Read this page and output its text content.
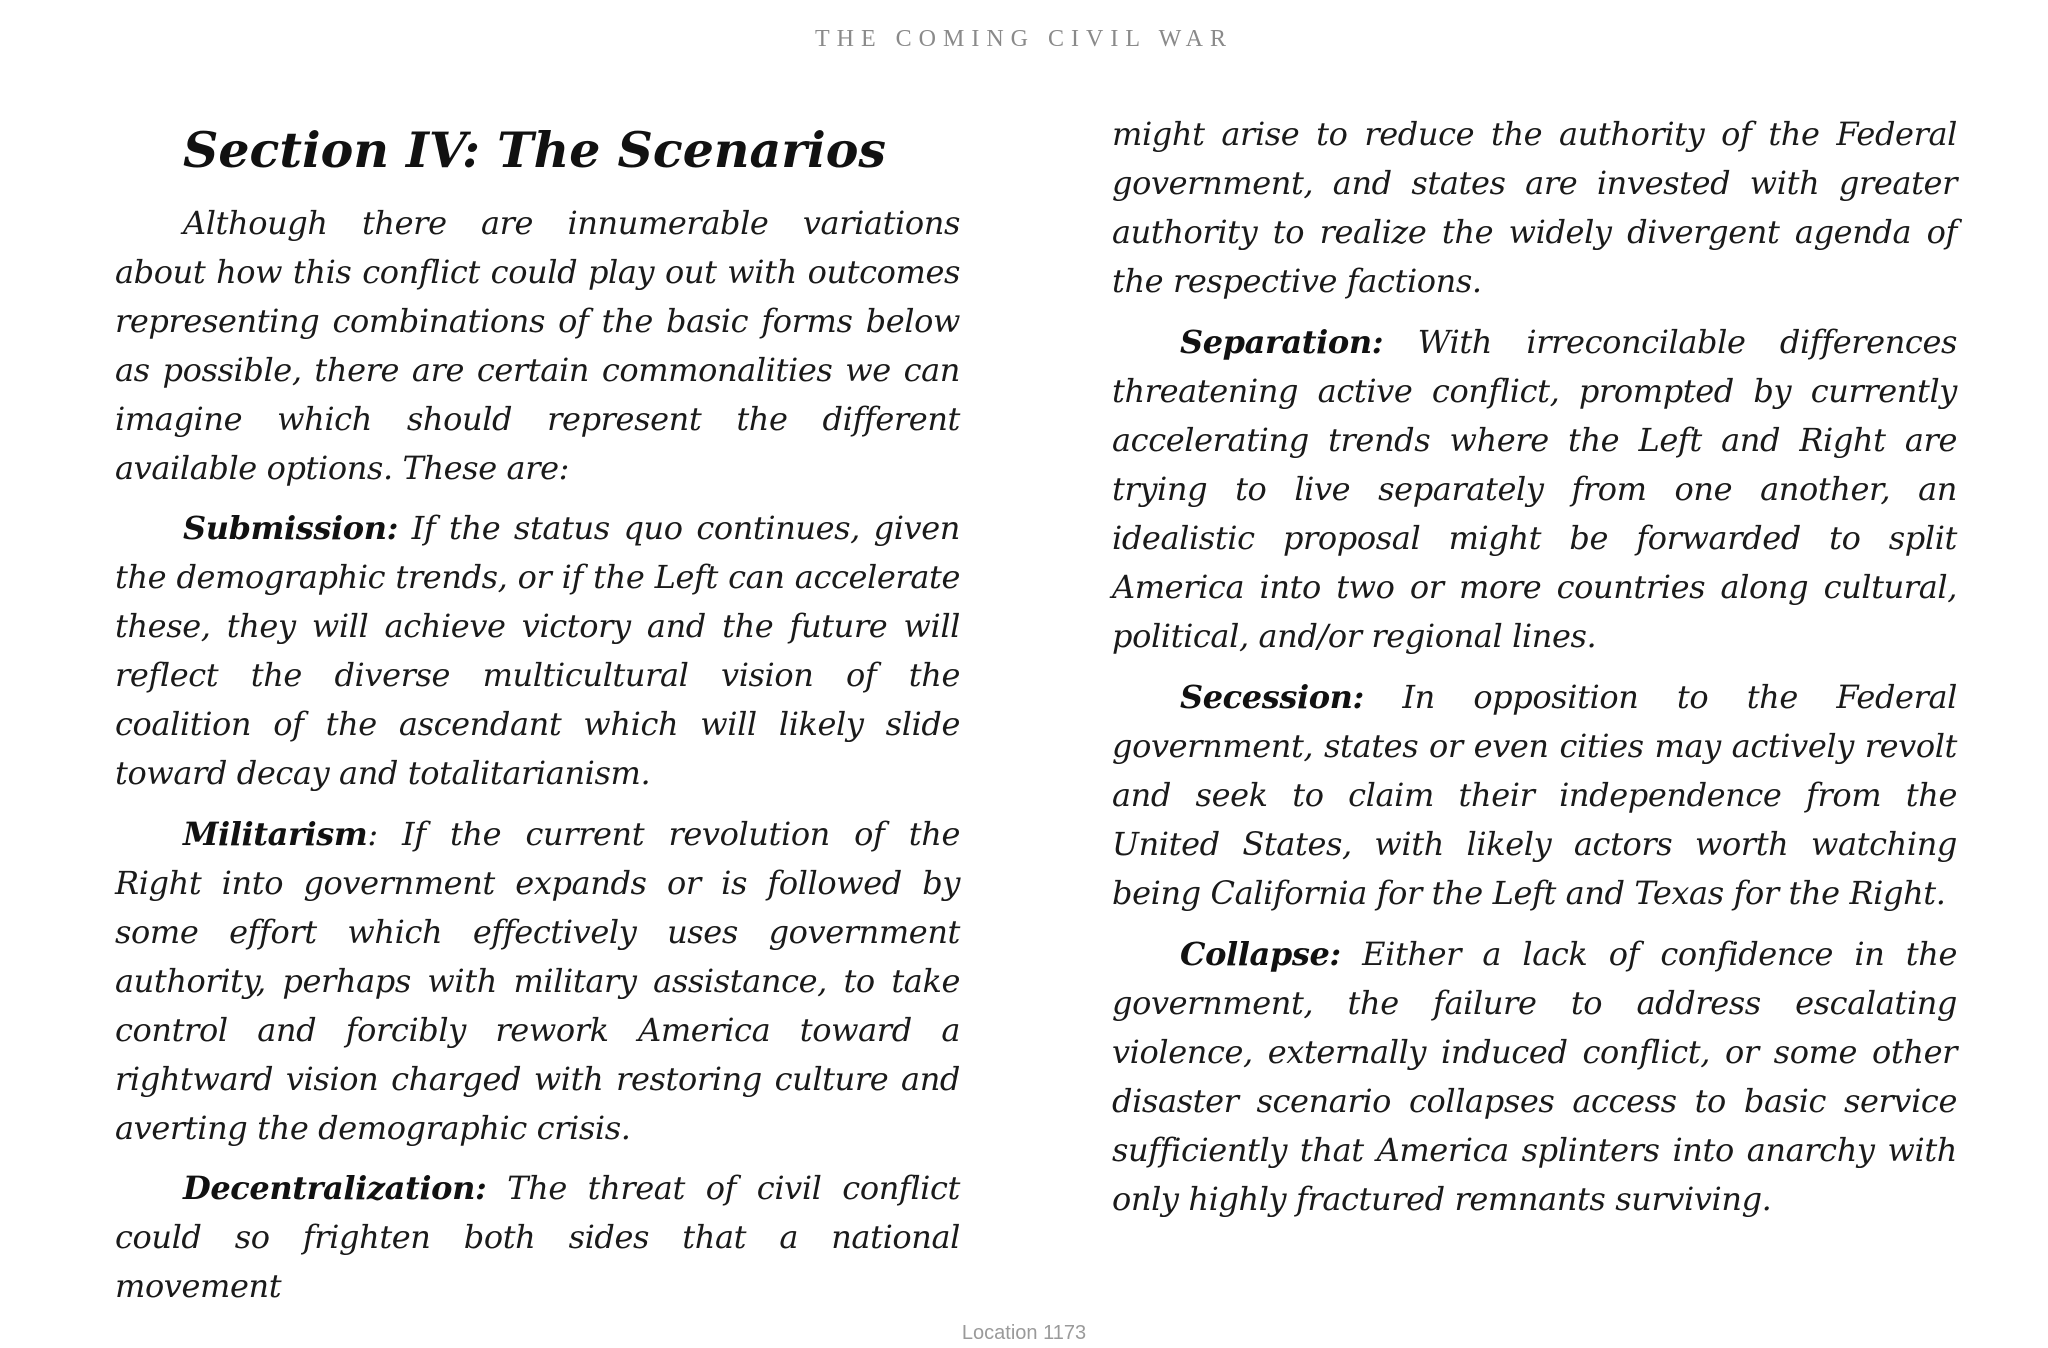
THE COMING CIVIL WAR
Section IV: The Scenarios

Although there are innumerable variations about how this conflict could play out with outcomes representing combinations of the basic forms below as possible, there are certain commonalities we can imagine which should represent the different available options. These are:

Submission: If the status quo continues, given the demographic trends, or if the Left can accelerate these, they will achieve victory and the future will reflect the diverse multicultural vision of the coalition of the ascendant which will likely slide toward decay and totalitarianism.

Militarism: If the current revolution of the Right into government expands or is followed by some effort which effectively uses government authority, perhaps with military assistance, to take control and forcibly rework America toward a rightward vision charged with restoring culture and averting the demographic crisis.

Decentralization: The threat of civil conflict could so frighten both sides that a national movement

might arise to reduce the authority of the Federal government, and states are invested with greater authority to realize the widely divergent agenda of the respective factions.

Separation: With irreconcilable differences threatening active conflict, prompted by currently accelerating trends where the Left and Right are trying to live separately from one another, an idealistic proposal might be forwarded to split America into two or more countries along cultural, political, and/or regional lines.

Secession: In opposition to the Federal government, states or even cities may actively revolt and seek to claim their independence from the United States, with likely actors worth watching being California for the Left and Texas for the Right.

Collapse: Either a lack of confidence in the government, the failure to address escalating violence, externally induced conflict, or some other disaster scenario collapses access to basic service sufficiently that America splinters into anarchy with only highly fractured remnants surviving.

Location 1173
